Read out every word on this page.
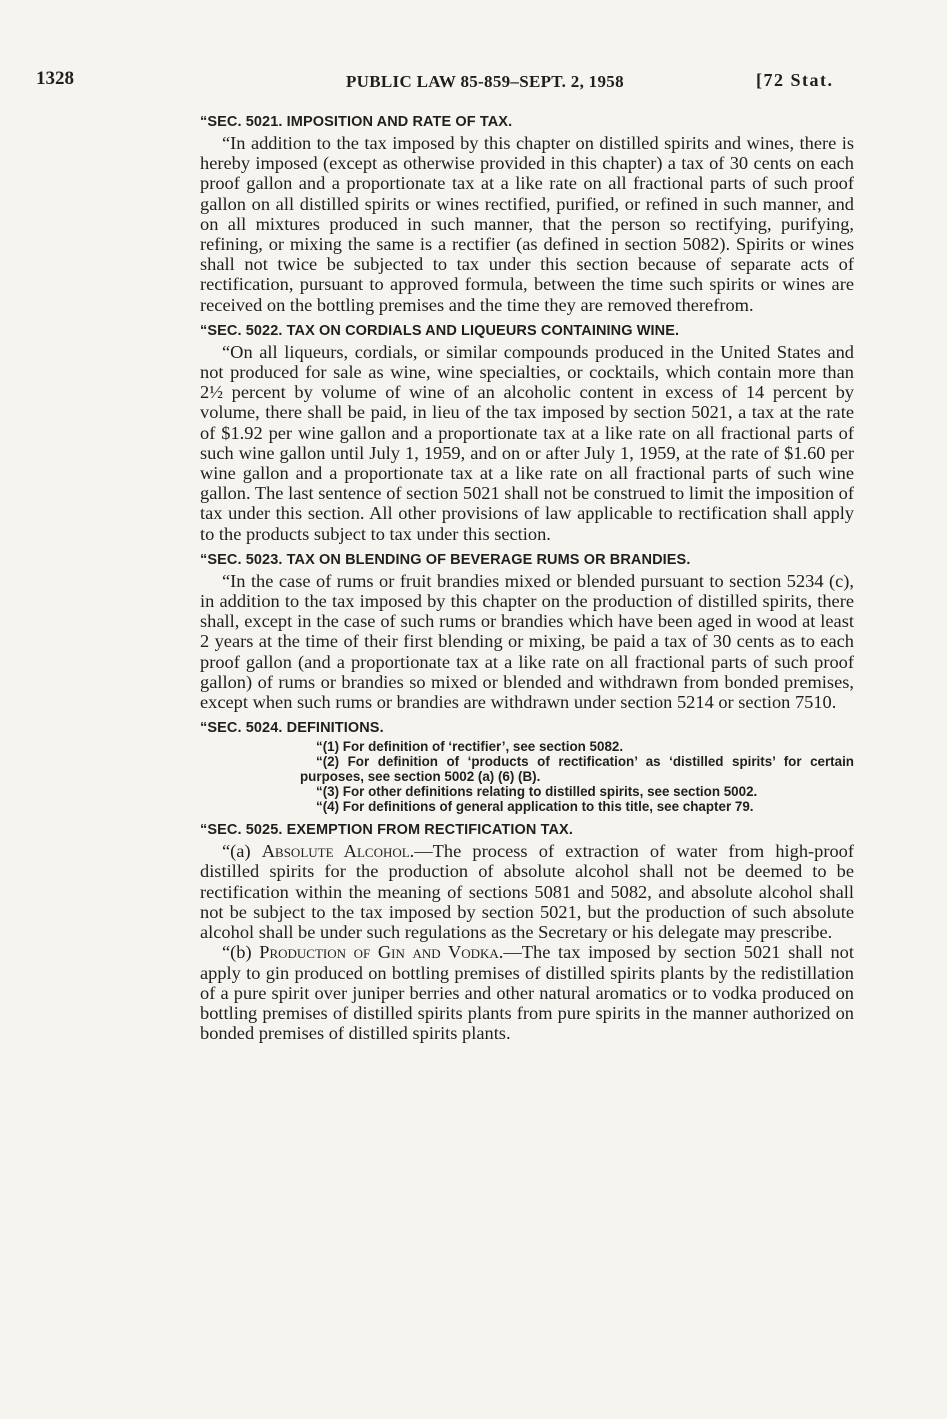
1328	PUBLIC LAW 85-859–SEPT. 2, 1958	[72 Stat.
“SEC. 5021. IMPOSITION AND RATE OF TAX.

“In addition to the tax imposed by this chapter on distilled spirits and wines, there is hereby imposed (except as otherwise provided in this chapter) a tax of 30 cents on each proof gallon and a proportionate tax at a like rate on all fractional parts of such proof gallon on all distilled spirits or wines rectified, purified, or refined in such manner, and on all mixtures produced in such manner, that the person so rectifying, purifying, refining, or mixing the same is a rectifier (as defined in section 5082). Spirits or wines shall not twice be subjected to tax under this section because of separate acts of rectification, pursuant to approved formula, between the time such spirits or wines are received on the bottling premises and the time they are removed therefrom.

“SEC. 5022. TAX ON CORDIALS AND LIQUEURS CONTAINING WINE.

“On all liqueurs, cordials, or similar compounds produced in the United States and not produced for sale as wine, wine specialties, or cocktails, which contain more than 2½ percent by volume of wine of an alcoholic content in excess of 14 percent by volume, there shall be paid, in lieu of the tax imposed by section 5021, a tax at the rate of $1.92 per wine gallon and a proportionate tax at a like rate on all fractional parts of such wine gallon until July 1, 1959, and on or after July 1, 1959, at the rate of $1.60 per wine gallon and a proportionate tax at a like rate on all fractional parts of such wine gallon. The last sentence of section 5021 shall not be construed to limit the imposition of tax under this section. All other provisions of law applicable to rectification shall apply to the products subject to tax under this section.

“SEC. 5023. TAX ON BLENDING OF BEVERAGE RUMS OR BRANDIES.

“In the case of rums or fruit brandies mixed or blended pursuant to section 5234 (c), in addition to the tax imposed by this chapter on the production of distilled spirits, there shall, except in the case of such rums or brandies which have been aged in wood at least 2 years at the time of their first blending or mixing, be paid a tax of 30 cents as to each proof gallon (and a proportionate tax at a like rate on all fractional parts of such proof gallon) of rums or brandies so mixed or blended and withdrawn from bonded premises, except when such rums or brandies are withdrawn under section 5214 or section 7510.

“SEC. 5024. DEFINITIONS.

“(1) For definition of ‘rectifier’, see section 5082.

“(2) For definition of ‘products of rectification’ as ‘distilled spirits’ for certain purposes, see section 5002 (a) (6) (B).

“(3) For other definitions relating to distilled spirits, see section 5002.

“(4) For definitions of general application to this title, see chapter 79.

“SEC. 5025. EXEMPTION FROM RECTIFICATION TAX.

“(a) Absolute Alcohol.—The process of extraction of water from high-proof distilled spirits for the production of absolute alcohol shall not be deemed to be rectification within the meaning of sections 5081 and 5082, and absolute alcohol shall not be subject to the tax imposed by section 5021, but the production of such absolute alcohol shall be under such regulations as the Secretary or his delegate may prescribe.

“(b) Production of Gin and Vodka.—The tax imposed by section 5021 shall not apply to gin produced on bottling premises of distilled spirits plants by the redistillation of a pure spirit over juniper berries and other natural aromatics or to vodka produced on bottling premises of distilled spirits plants from pure spirits in the manner authorized on bonded premises of distilled spirits plants.
